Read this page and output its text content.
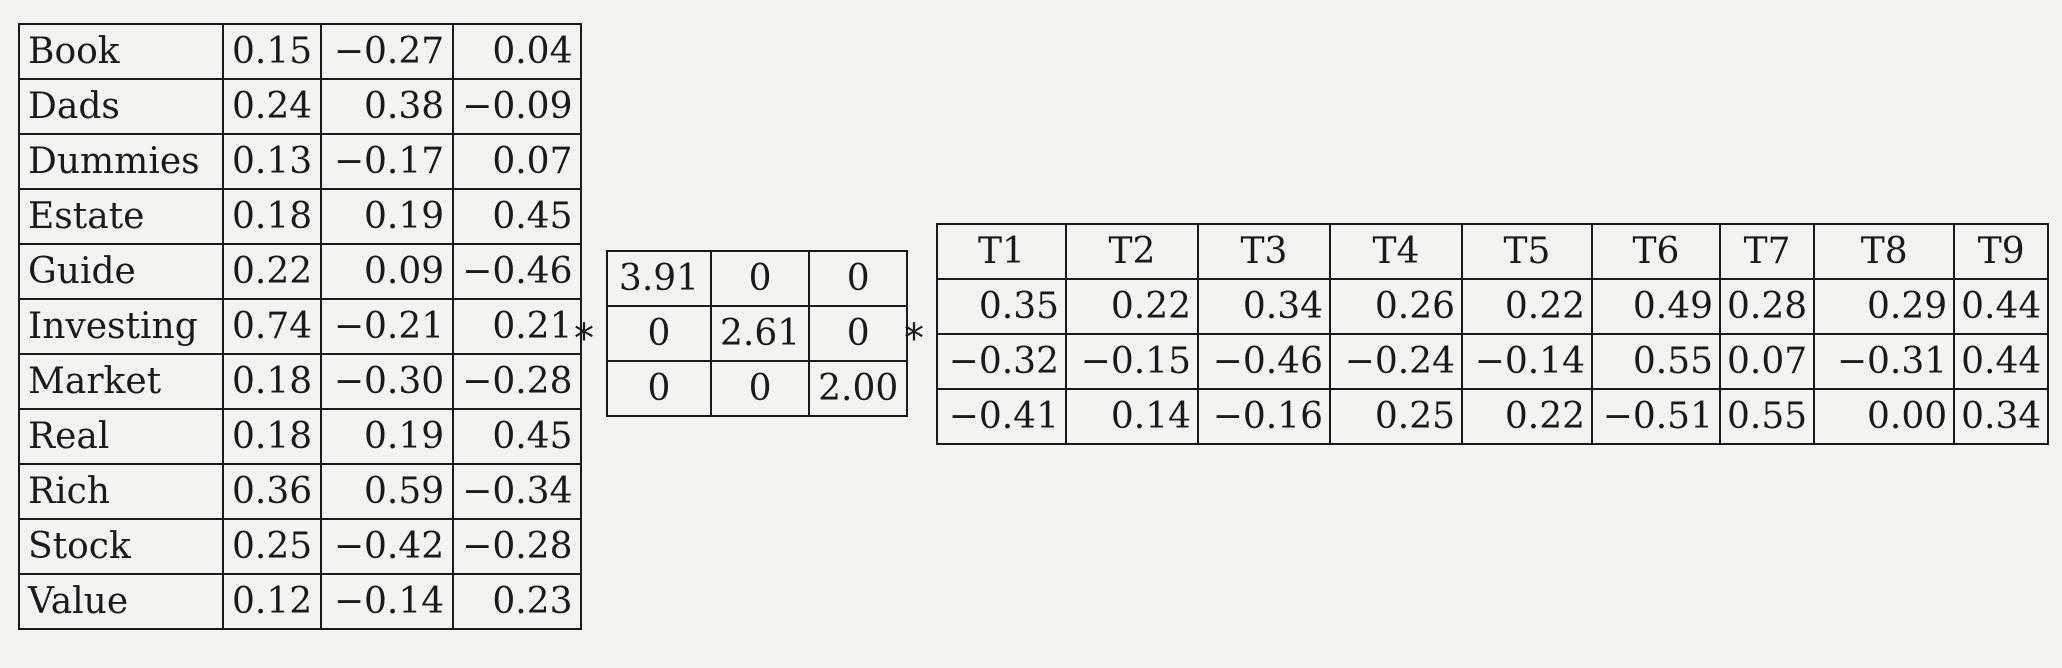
Book	0.15	−0.27	0.04
Dads	0.24	0.38	−0.09
Dummies	0.13	−0.17	0.07
Estate	0.18	0.19	0.45
Guide	0.22	0.09	−0.46
Investing	0.74	−0.21	0.21
Market	0.18	−0.30	−0.28
Real	0.18	0.19	0.45
Rich	0.36	0.59	−0.34
Stock	0.25	−0.42	−0.28
Value	0.12	−0.14	0.23
*
3.91	0	0
0	2.61	0
0	0	2.00
*
T1	T2	T3	T4	T5	T6	T7	T8	T9
0.35	0.22	0.34	0.26	0.22	0.49	0.28	0.29	0.44
−0.32	−0.15	−0.46	−0.24	−0.14	0.55	0.07	−0.31	0.44
−0.41	0.14	−0.16	0.25	0.22	−0.51	0.55	0.00	0.34
